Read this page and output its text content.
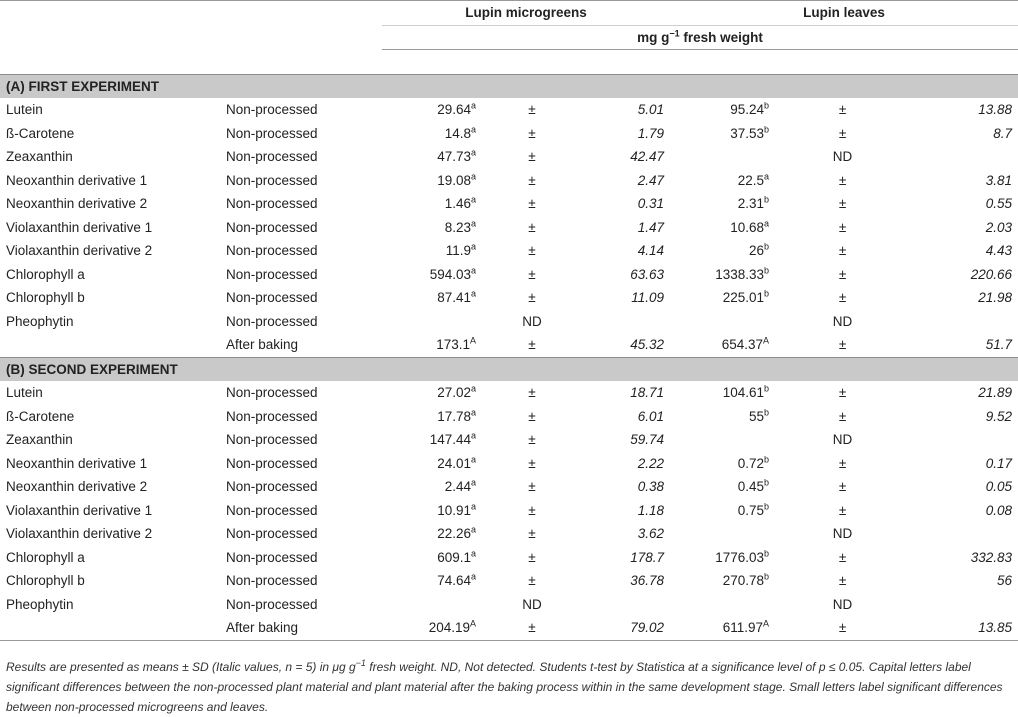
		Lupin microgreens			Lupin leaves		
		mg $g^{-1}$ fresh weight					

(A) FIRST EXPERIMENT							
Lutein	Non-processed	29.64$^a$	±	5.01	95.24$^b$	±	13.88
ß-Carotene	Non-processed	14.8$^a$	±	1.79	37.53$^b$	±	8.7
Zeaxanthin	Non-processed	47.73$^a$	±	42.47		ND	
Neoxanthin derivative 1	Non-processed	19.08$^a$	±	2.47	22.5$^a$	±	3.81
Neoxanthin derivative 2	Non-processed	1.46$^a$	±	0.31	2.31$^b$	±	0.55
Violaxanthin derivative 1	Non-processed	8.23$^a$	±	1.47	10.68$^a$	±	2.03
Violaxanthin derivative 2	Non-processed	11.9$^a$	±	4.14	$26^b$	±	4.43
Chlorophyll a	Non-processed	594.03$^a$	±	63.63	1338.33$^b$	±	220.66
Chlorophyll b	Non-processed	87.41$^a$	±	11.09	225.01$^b$	±	21.98
Pheophytin	Non-processed		ND			ND	
	After baking	$173.1^A$	±	45.32	$654.37^A$	±	51.7
(B) SECOND EXPERIMENT							
Lutein	Non-processed	27.02$^a$	±	18.71	104.61$^b$	±	21.89
ß-Carotene	Non-processed	17.78$^a$	±	6.01	$55^b$	±	9.52
Zeaxanthin	Non-processed	147.44$^a$	±	59.74		ND	
Neoxanthin derivative 1	Non-processed	24.01$^a$	±	2.22	0.72$^b$	±	0.17
Neoxanthin derivative 2	Non-processed	2.44$^a$	±	0.38	0.45$^b$	±	0.05
Violaxanthin derivative 1	Non-processed	10.91$^a$	±	1.18	0.75$^b$	±	0.08
Violaxanthin derivative 2	Non-processed	22.26$^a$	±	3.62		ND	
Chlorophyll a	Non-processed	609.1$^a$	±	178.7	1776.03$^b$	±	332.83
Chlorophyll b	Non-processed	74.64$^a$	±	36.78	270.78$^b$	±	56
Pheophytin	Non-processed		ND			ND	
	After baking	$204.19^A$	±	79.02	$611.97^A$	±	13.85
Results are presented as means ± SD (Italic values, n = 5) in μg $g^{-1}$ fresh weight. ND, Not detected. Students t-test by Statistica at a significance level of p ≤ 0.05. Capital letters label significant differences between the non-processed plant material and plant material after the baking process within in the same development stage. Small letters label significant differences between non-processed microgreens and leaves.
